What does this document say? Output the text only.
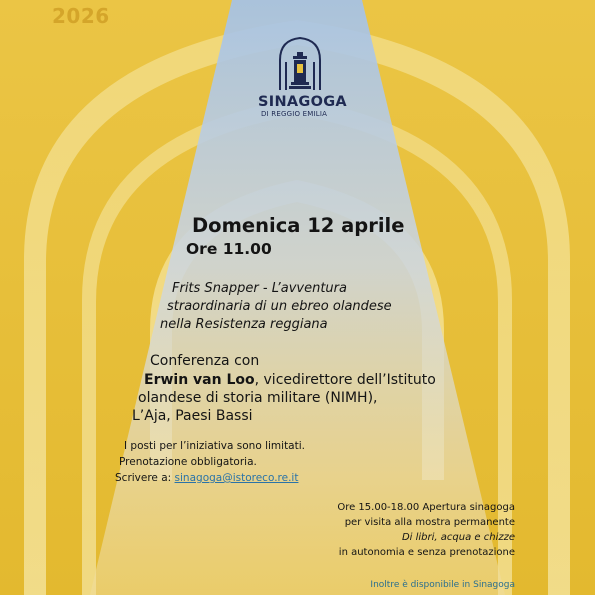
2026
SINAGOGA
DI REGGIO EMILIA
Domenica 12 aprile
Ore 11.00
Frits Snapper - L’avventura
straordinaria di un ebreo olandese
nella Resistenza reggiana
Conferenza con
Erwin van Loo, vicedirettore dell’Istituto
olandese di storia militare (NIMH),
L’Aja, Paesi Bassi
I posti per l’iniziativa sono limitati.
Prenotazione obbligatoria.
Scrivere a: sinagoga@istoreco.re.it
Ore 15.00-18.00 Apertura sinagoga
per visita alla mostra permanente
Di libri, acqua e chizze
in autonomia e senza prenotazione
Inoltre è disponibile in Sinagoga
